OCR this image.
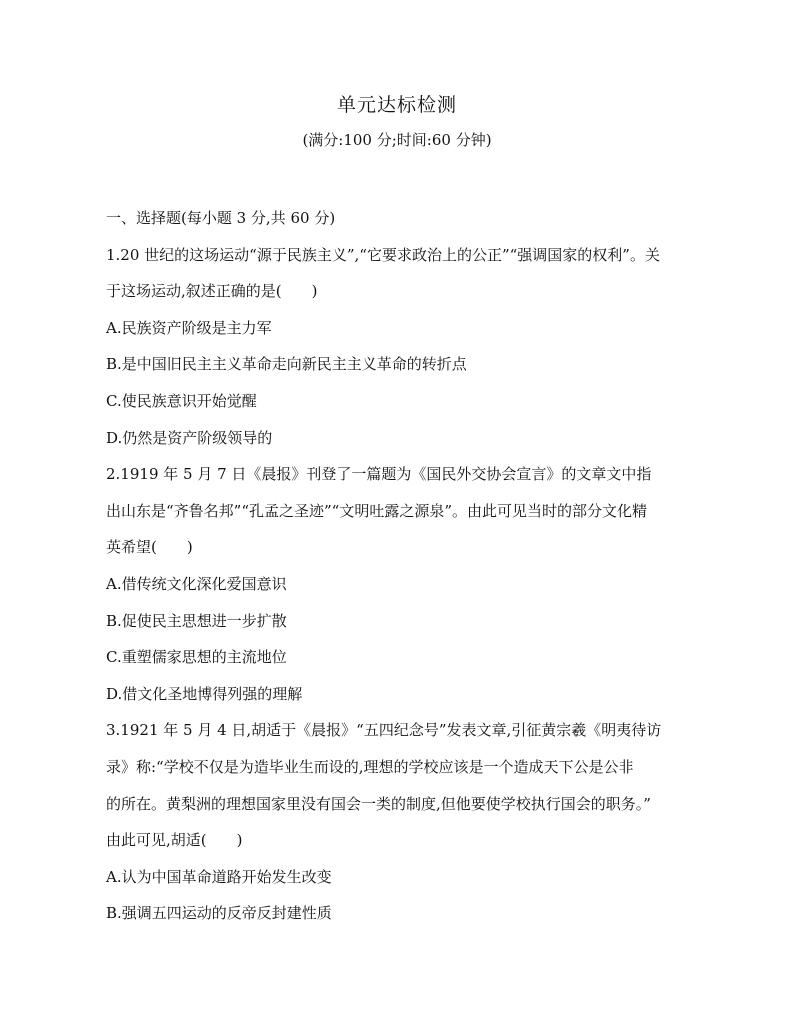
单元达标检测
(满分:100 分;时间:60 分钟)
一、选择题(每小题 3 分,共 60 分)
1.20 世纪的这场运动“源于民族主义”,“它要求政治上的公正”“强调国家的权利”。关
于这场运动,叙述正确的是(　　)
A.民族资产阶级是主力军
B.是中国旧民主主义革命走向新民主主义革命的转折点
C.使民族意识开始觉醒
D.仍然是资产阶级领导的
2.1919 年 5 月 7 日《晨报》刊登了一篇题为《国民外交协会宣言》的文章文中指
出山东是“齐鲁名邦”“孔孟之圣迹”“文明吐露之源泉”。由此可见当时的部分文化精
英希望(　　)
A.借传统文化深化爱国意识
B.促使民主思想进一步扩散
C.重塑儒家思想的主流地位
D.借文化圣地博得列强的理解
3.1921 年 5 月 4 日,胡适于《晨报》“五四纪念号”发表文章,引征黄宗羲《明夷待访
录》称:“学校不仅是为造毕业生而设的,理想的学校应该是一个造成天下公是公非
的所在。黄梨洲的理想国家里没有国会一类的制度,但他要使学校执行国会的职务。”
由此可见,胡适(　　)
A.认为中国革命道路开始发生改变
B.强调五四运动的反帝反封建性质
